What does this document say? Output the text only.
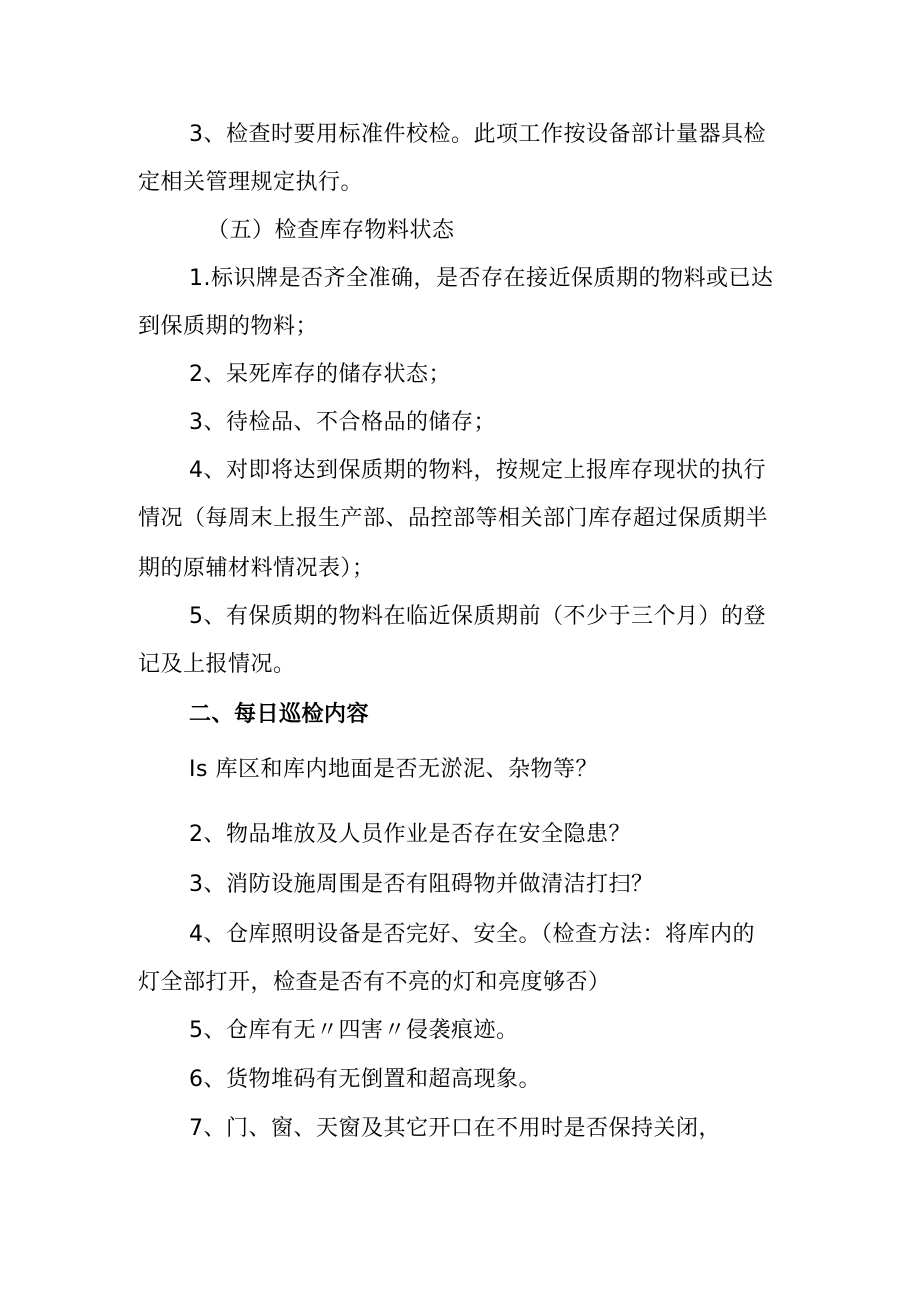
3、检查时要用标准件校检。此项工作按设备部计量器具检
定相关管理规定执行。
（五）检查库存物料状态
1.标识牌是否齐全准确，是否存在接近保质期的物料或已达
到保质期的物料；
2、呆死库存的储存状态；
3、待检品、不合格品的储存；
4、对即将达到保质期的物料，按规定上报库存现状的执行
情况（每周末上报生产部、品控部等相关部门库存超过保质期半
期的原辅材料情况表）；
5、有保质期的物料在临近保质期前（不少于三个月）的登
记及上报情况。
二、每日巡检内容
Is 库区和库内地面是否无淤泥、杂物等？
2、物品堆放及人员作业是否存在安全隐患？
3、消防设施周围是否有阻碍物并做清洁打扫？
4、仓库照明设备是否完好、安全。（检查方法：将库内的
灯全部打开，检查是否有不亮的灯和亮度够否）
5、仓库有无〃四害〃侵袭痕迹。
6、货物堆码有无倒置和超高现象。
7、门、窗、天窗及其它开口在不用时是否保持关闭，
